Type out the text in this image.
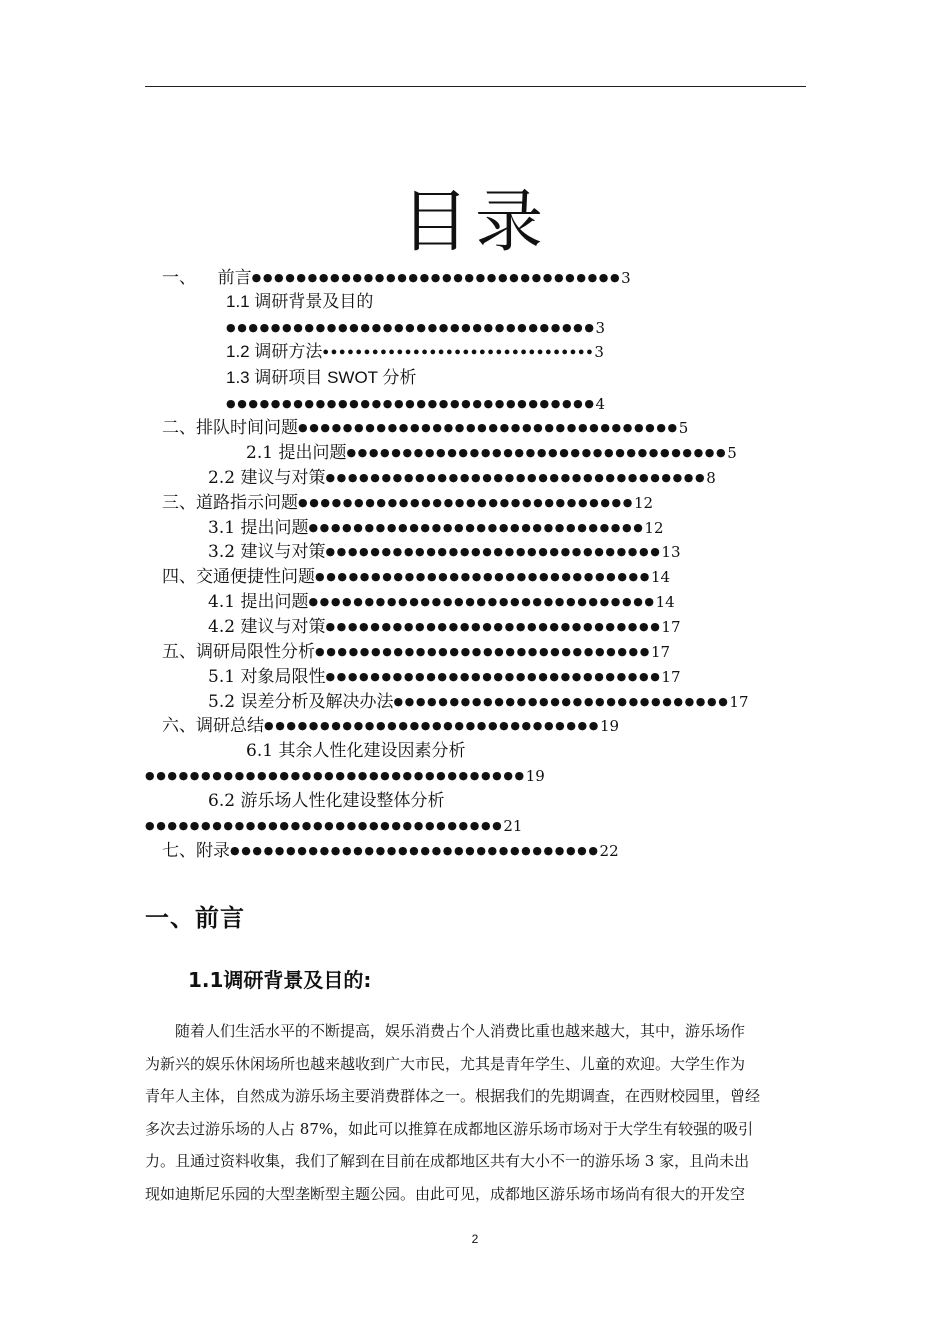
目录
一、    前言●●●●●●●●●●●●●●●●●●●●●●●●●●●●●●●●●3
1.1 调研背景及目的
●●●●●●●●●●●●●●●●●●●●●●●●●●●●●●●●●3
1.2 调研方法●●●●●●●●●●●●●●●●●●●●●●●●●●●●●●●●●3
1.3 调研项目 SWOT 分析
●●●●●●●●●●●●●●●●●●●●●●●●●●●●●●●●●4
二、排队时间问题●●●●●●●●●●●●●●●●●●●●●●●●●●●●●●●●●●5
2.1 提出问题●●●●●●●●●●●●●●●●●●●●●●●●●●●●●●●●●●5
2.2 建议与对策●●●●●●●●●●●●●●●●●●●●●●●●●●●●●●●●●●8
三、道路指示问题●●●●●●●●●●●●●●●●●●●●●●●●●●●●●●12
3.1 提出问题●●●●●●●●●●●●●●●●●●●●●●●●●●●●●●12
3.2 建议与对策●●●●●●●●●●●●●●●●●●●●●●●●●●●●●●13
四、交通便捷性问题●●●●●●●●●●●●●●●●●●●●●●●●●●●●●●14
4.1 提出问题●●●●●●●●●●●●●●●●●●●●●●●●●●●●●●●14
4.2 建议与对策●●●●●●●●●●●●●●●●●●●●●●●●●●●●●●17
五、调研局限性分析●●●●●●●●●●●●●●●●●●●●●●●●●●●●●●17
5.1 对象局限性●●●●●●●●●●●●●●●●●●●●●●●●●●●●●●17
5.2 误差分析及解决办法●●●●●●●●●●●●●●●●●●●●●●●●●●●●●●17
六、调研总结●●●●●●●●●●●●●●●●●●●●●●●●●●●●●●19
6.1 其余人性化建设因素分析
●●●●●●●●●●●●●●●●●●●●●●●●●●●●●●●●●●19
6.2 游乐场人性化建设整体分析
●●●●●●●●●●●●●●●●●●●●●●●●●●●●●●●●21
七、附录●●●●●●●●●●●●●●●●●●●●●●●●●●●●●●●●●22
一、前言
1.1调研背景及目的:
随着人们生活水平的不断提高，娱乐消费占个人消费比重也越来越大，其中，游乐场作
为新兴的娱乐休闲场所也越来越收到广大市民，尤其是青年学生、儿童的欢迎。大学生作为
青年人主体，自然成为游乐场主要消费群体之一。根据我们的先期调查，在西财校园里，曾经
多次去过游乐场的人占 87%，如此可以推算在成都地区游乐场市场对于大学生有较强的吸引
力。且通过资料收集，我们了解到在目前在成都地区共有大小不一的游乐场 3 家，且尚未出
现如迪斯尼乐园的大型垄断型主题公园。由此可见，成都地区游乐场市场尚有很大的开发空
2
